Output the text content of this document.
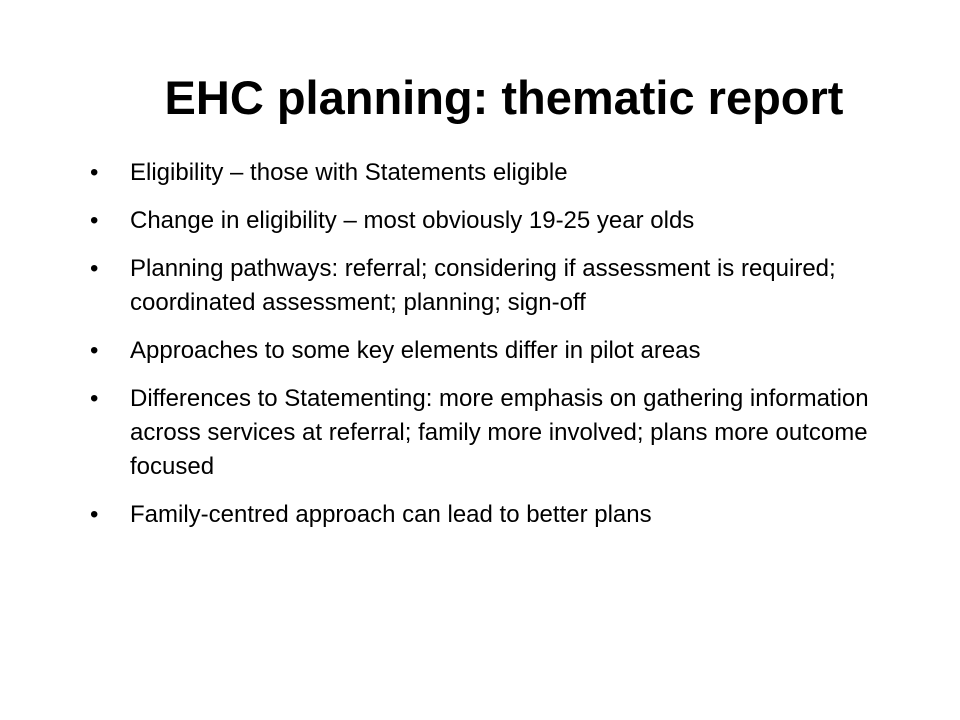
EHC planning: thematic report
•	Eligibility – those with Statements eligible
•	Change in eligibility – most obviously 19-25 year olds
•	Planning pathways: referral; considering if assessment is required; coordinated assessment; planning; sign-off
•	Approaches to some key elements differ in pilot areas
•	Differences to Statementing: more emphasis on gathering information across services at referral; family more involved; plans more outcome focused
•	Family-centred approach can lead to better plans
